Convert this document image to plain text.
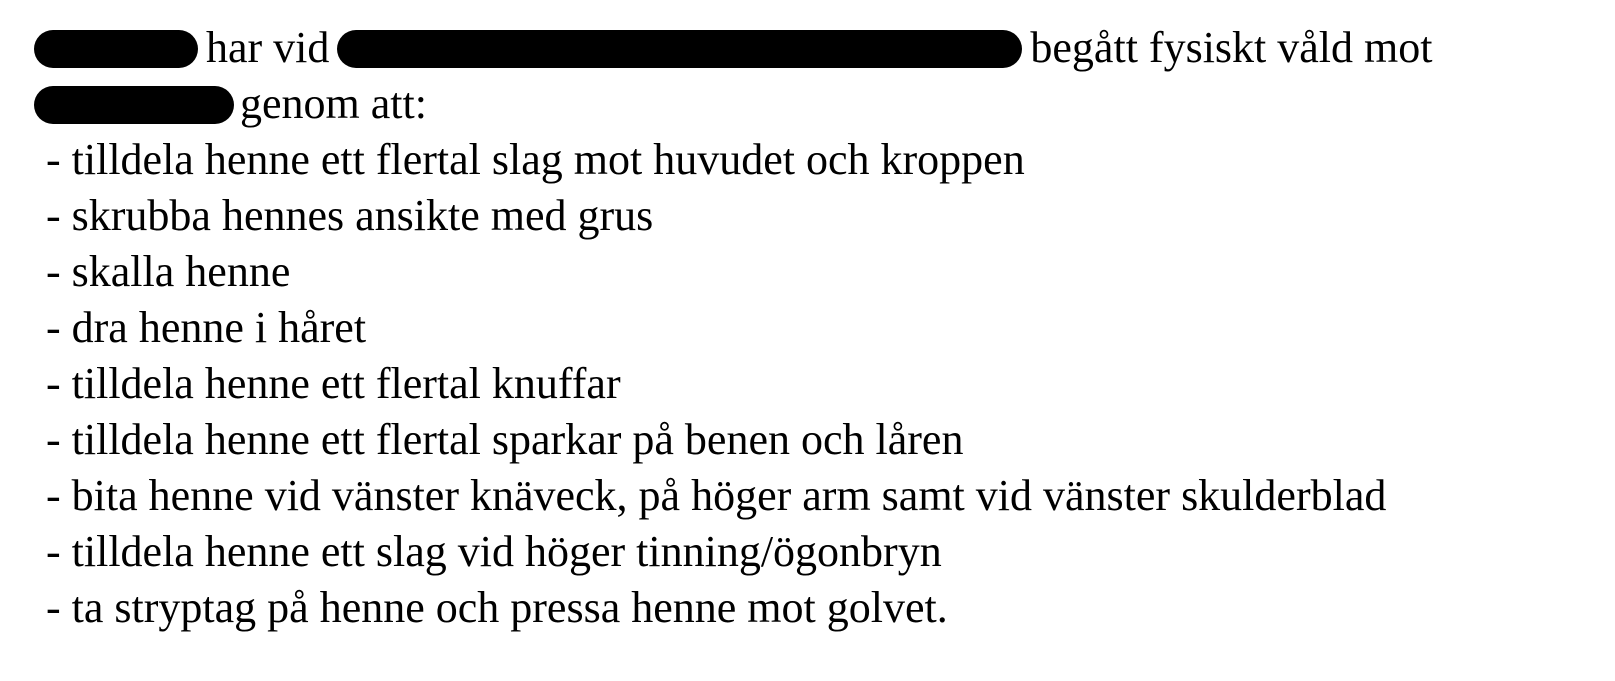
har vid	begått fysiskt våld mot
genom att:
- tilldela henne ett flertal slag mot huvudet och kroppen
- skrubba hennes ansikte med grus
- skalla henne
- dra henne i håret
- tilldela henne ett flertal knuffar
- tilldela henne ett flertal sparkar på benen och låren
- bita henne vid vänster knäveck, på höger arm samt vid vänster skulderblad
- tilldela henne ett slag vid höger tinning/ögonbryn
- ta stryptag på henne och pressa henne mot golvet.
